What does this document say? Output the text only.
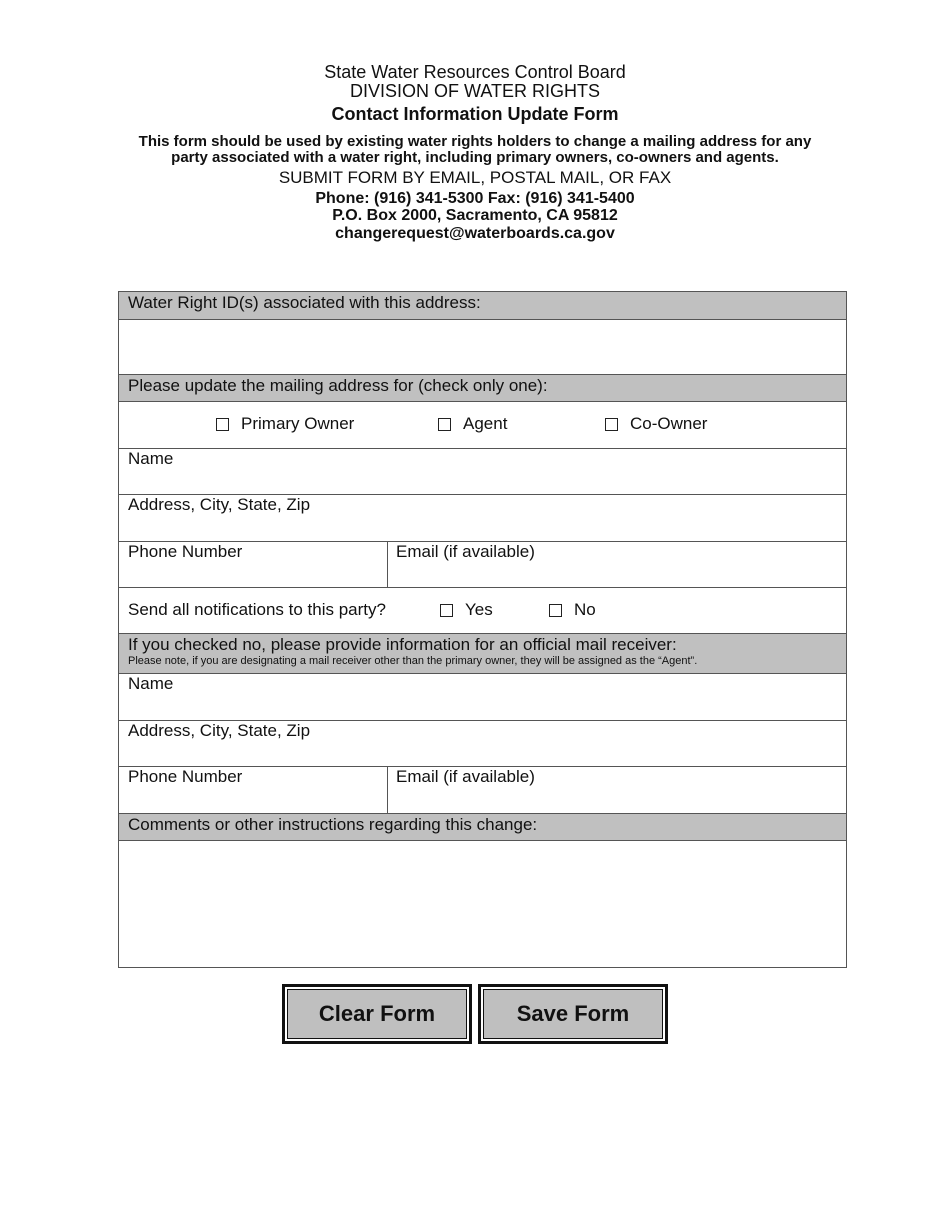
State Water Resources Control Board
DIVISION OF WATER RIGHTS
Contact Information Update Form
This form should be used by existing water rights holders to change a mailing address for any
party associated with a water right, including primary owners, co-owners and agents.
SUBMIT FORM BY EMAIL, POSTAL MAIL, OR FAX
Phone: (916) 341-5300 Fax: (916) 341-5400
P.O. Box 2000, Sacramento, CA 95812
changerequest@waterboards.ca.gov
Water Right ID(s) associated with this address:
Please update the mailing address for (check only one):
Primary Owner	Agent	Co-Owner
Name
Address, City, State, Zip
Phone Number	Email (if available)
Send all notifications to this party?	Yes	No
If you checked no, please provide information for an official mail receiver:
Please note, if you are designating a mail receiver other than the primary owner, they will be assigned as the “Agent”.
Name
Address, City, State, Zip
Phone Number	Email (if available)
Comments or other instructions regarding this change:
Clear Form	Save Form
